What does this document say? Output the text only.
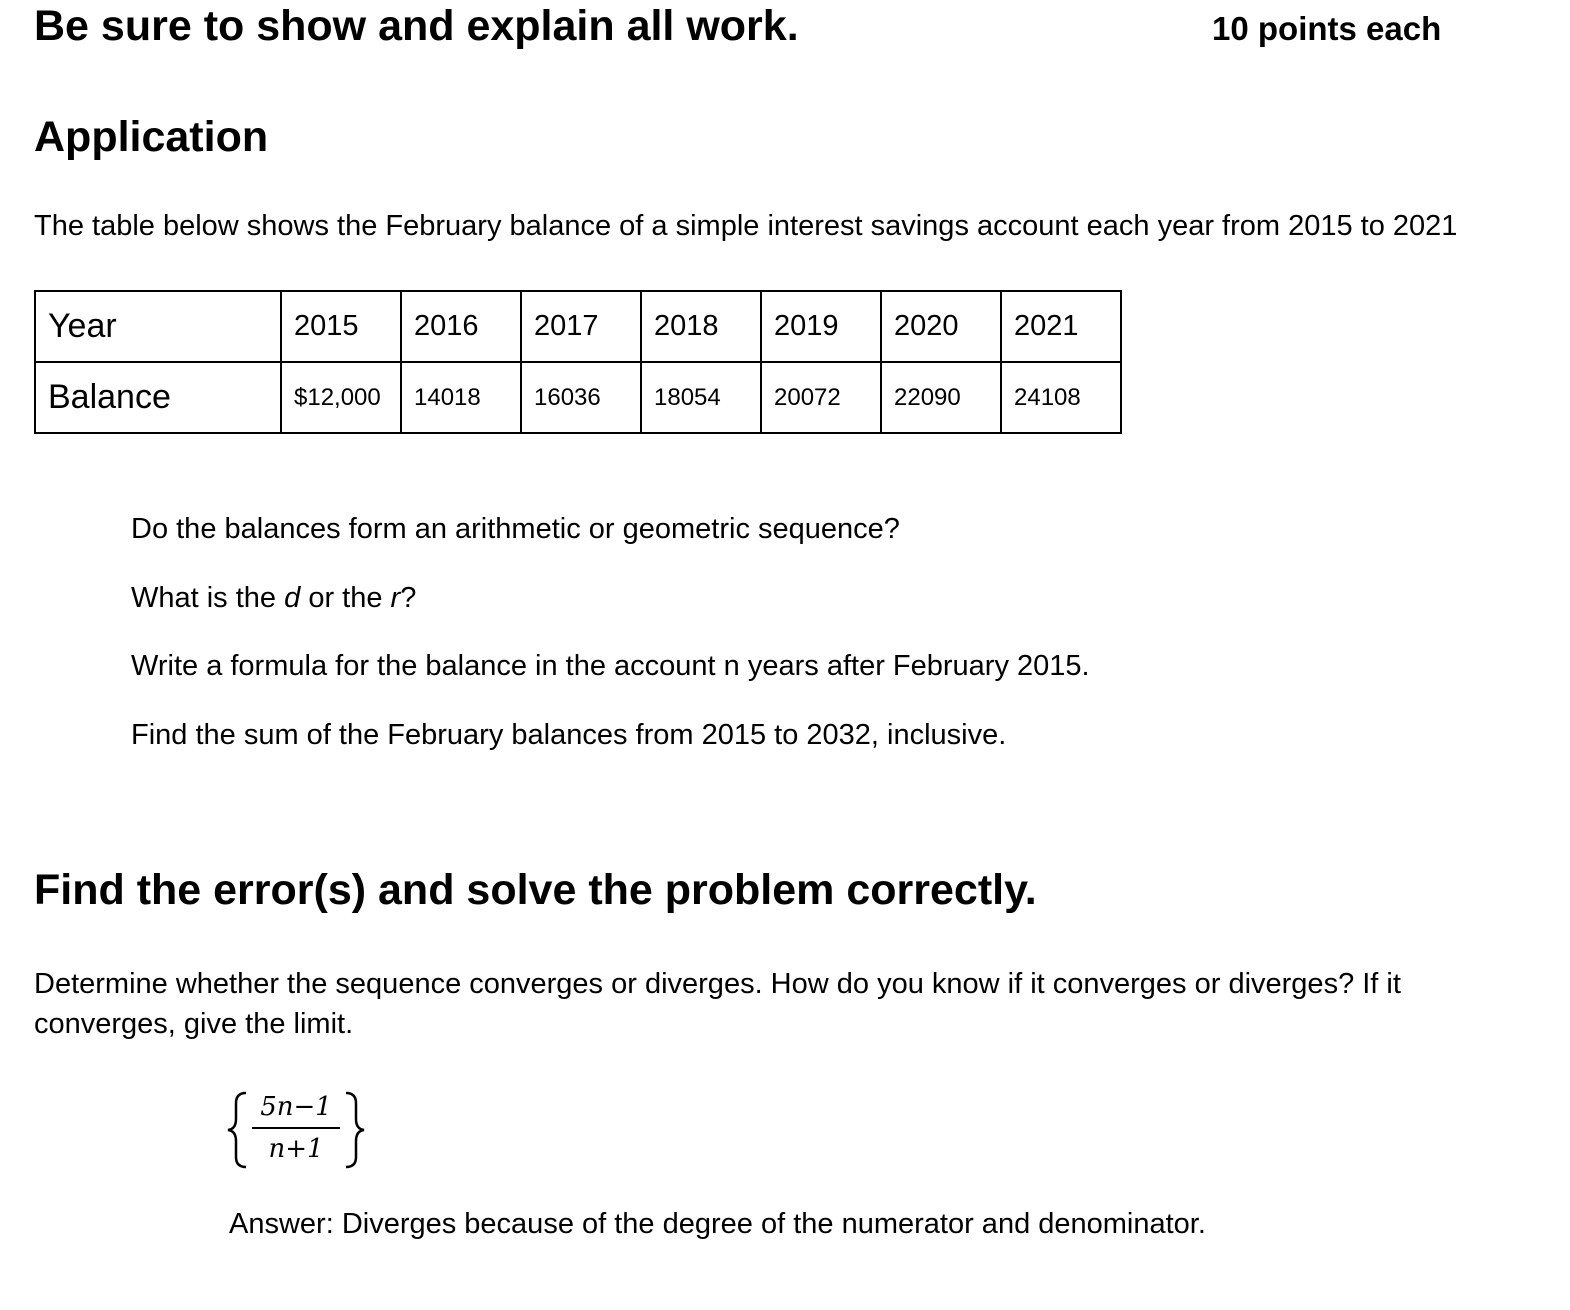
Be sure to show and explain all work.	10 points each
Application
The table below shows the February balance of a simple interest savings account each year from 2015 to 2021
Year	2015	2016	2017	2018	2019	2020	2021
Balance	$12,000	14018	16036	18054	20072	22090	24108
Do the balances form an arithmetic or geometric sequence?
What is the d or the r?
Write a formula for the balance in the account n years after February 2015.
Find the sum of the February balances from 2015 to 2032, inclusive.
Find the error(s) and solve the problem correctly.
Determine whether the sequence converges or diverges. How do you know if it converges or diverges? If it converges, give the limit.
5n−1
n+1
Answer: Diverges because of the degree of the numerator and denominator.
